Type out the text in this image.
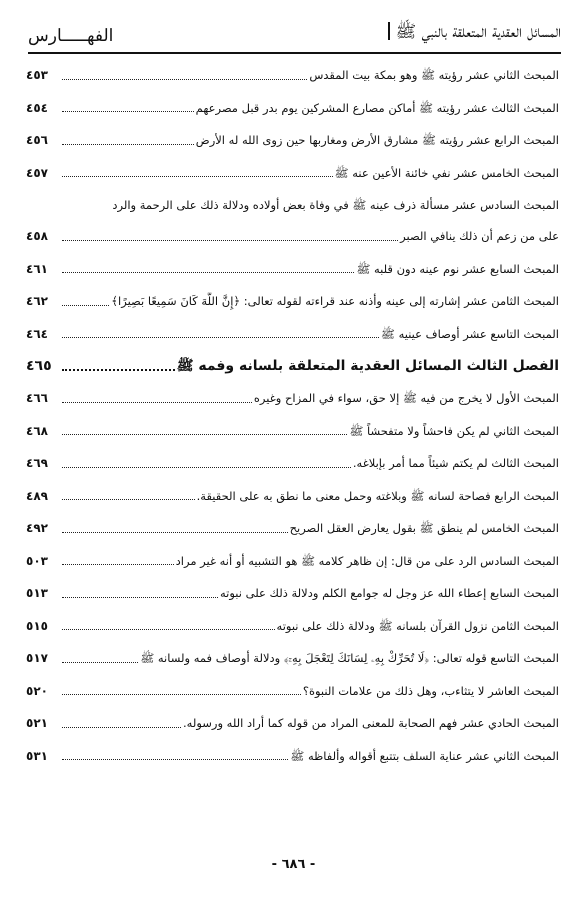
المسائل العقدية المتعلقة بالنبي ﷺ
الفهـــــارس
المبحث الثاني عشر رؤيته ﷺ وهو بمكة بيت المقدس
٤٥٣
المبحث الثالث عشر رؤيته ﷺ أماكن مصارع المشركين يوم بدر قبل مصرعهم
٤٥٤
المبحث الرابع عشر رؤيته ﷺ مشارق الأرض ومغاربها حين زوى الله له الأرض
٤٥٦
المبحث الخامس عشر نفي خائنة الأعين عنه ﷺ
٤٥٧
المبحث السادس عشر مسألة ذرف عينه ﷺ في وفاة بعض أولاده ودلالة ذلك على الرحمة والرد
على من زعم أن ذلك ينافي الصبر
٤٥٨
المبحث السابع عشر نوم عينه دون قلبه ﷺ
٤٦١
المبحث الثامن عشر إشارته إلى عينه وأذنه عند قراءته لقوله تعالى: ﴿إِنَّ اللَّهَ كَانَ سَمِيعًا بَصِيرًا﴾
٤٦٢
المبحث التاسع عشر أوصاف عينيه ﷺ
٤٦٤
الفصل الثالث المسائل العقدية المتعلقة بلسانه وفمه ﷺ
٤٦٥
المبحث الأول لا يخرج من فيه ﷺ إلا حق، سواء في المزاح وغيره
٤٦٦
المبحث الثاني لم يكن فاحشاً ولا متفحشاً ﷺ
٤٦٨
المبحث الثالث لم يكتم شيئاً مما أمر بإبلاغه.
٤٦٩
المبحث الرابع فصاحة لسانه ﷺ وبلاغته وحمل معنى ما نطق به على الحقيقة.
٤٨٩
المبحث الخامس لم ينطق ﷺ بقول يعارض العقل الصريح
٤٩٢
المبحث السادس الرد على من قال: إن ظاهر كلامه ﷺ هو التشبيه أو أنه غير مراد
٥٠٣
المبحث السابع إعطاء الله عز وجل له جوامع الكلم ودلالة ذلك على نبوته
٥١٣
المبحث الثامن نزول القرآن بلسانه ﷺ ودلالة ذلك على نبوته
٥١٥
المبحث التاسع قوله تعالى: ﴿لَا تُحَرِّكْ بِهِۦ لِسَانَكَ لِتَعْجَلَ بِهِۦٓ﴾ ودلالة أوصاف فمه ولسانه ﷺ
٥١٧
المبحث العاشر لا يتثاءب، وهل ذلك من علامات النبوة؟
٥٢٠
المبحث الحادي عشر فهم الصحابة للمعنى المراد من قوله كما أراد الله ورسوله.
٥٢١
المبحث الثاني عشر عناية السلف بتتبع أقواله وألفاظه ﷺ
٥٣١
- ٦٨٦ -
